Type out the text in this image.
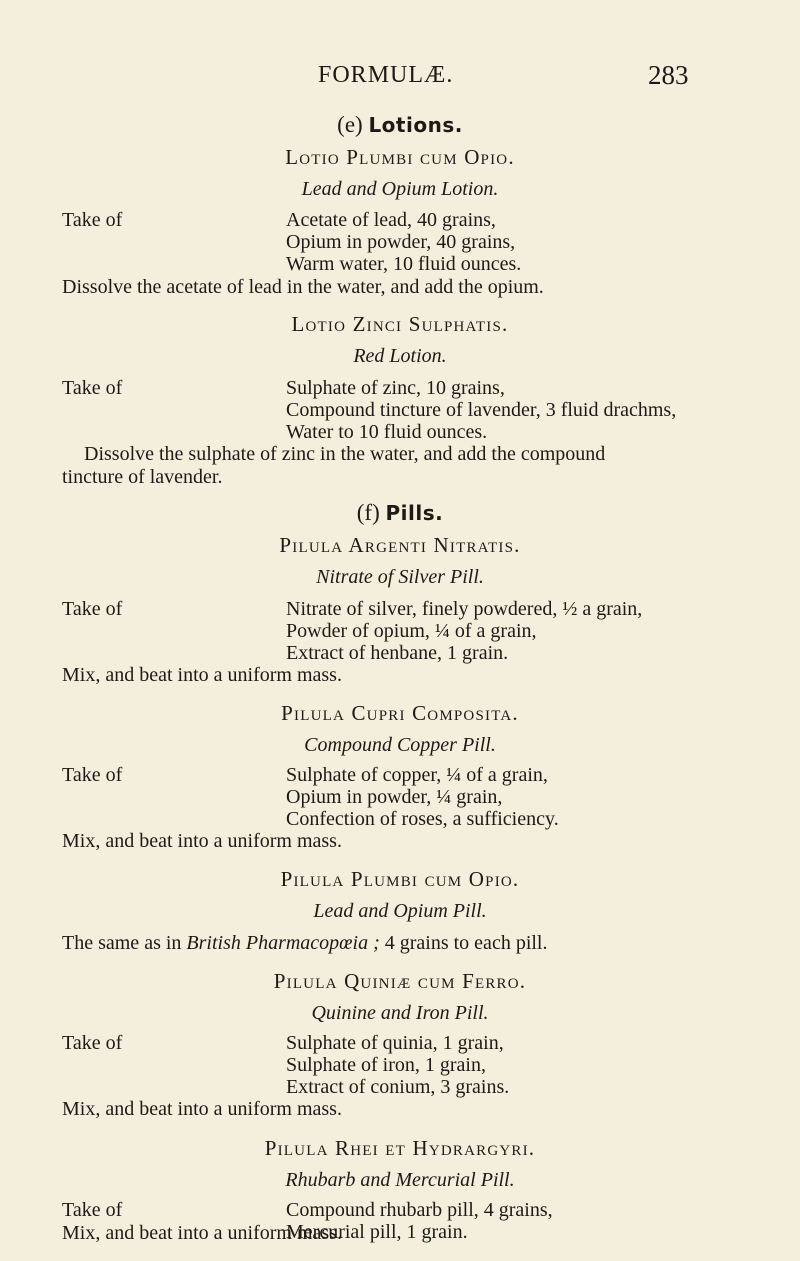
FORMULÆ.	283
(e) Lotions.
Lotio Plumbi cum Opio.
Lead and Opium Lotion.
Take of	Acetate of lead, 40 grains,
Opium in powder, 40 grains,
Warm water, 10 fluid ounces.
Dissolve the acetate of lead in the water, and add the opium.
Lotio Zinci Sulphatis.
Red Lotion.
Take of	Sulphate of zinc, 10 grains,
Compound tincture of lavender, 3 fluid drachms,
Water to 10 fluid ounces.
Dissolve the sulphate of zinc in the water, and add the compound
tincture of lavender.
(f) Pills.
Pilula Argenti Nitratis.
Nitrate of Silver Pill.
Take of	Nitrate of silver, finely powdered, ½ a grain,
Powder of opium, ¼ of a grain,
Extract of henbane, 1 grain.
Mix, and beat into a uniform mass.
Pilula Cupri Composita.
Compound Copper Pill.
Take of	Sulphate of copper, ¼ of a grain,
Opium in powder, ¼ grain,
Confection of roses, a sufficiency.
Mix, and beat into a uniform mass.
Pilula Plumbi cum Opio.
Lead and Opium Pill.
The same as in British Pharmacopœia ; 4 grains to each pill.
Pilula Quiniæ cum Ferro.
Quinine and Iron Pill.
Take of	Sulphate of quinia, 1 grain,
Sulphate of iron, 1 grain,
Extract of conium, 3 grains.
Mix, and beat into a uniform mass.
Pilula Rhei et Hydrargyri.
Rhubarb and Mercurial Pill.
Take of	Compound rhubarb pill, 4 grains,
Mercurial pill, 1 grain.
Mix, and beat into a uniform mass.
